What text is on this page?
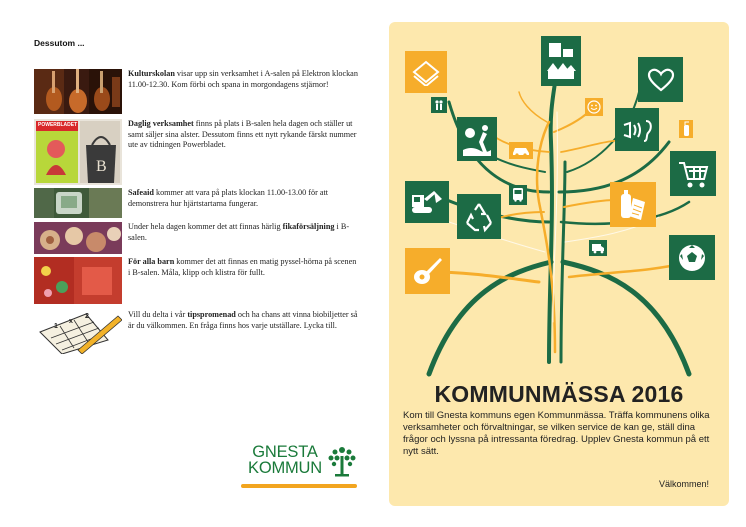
Dessutom ...
Kulturskolan visar upp sin verksamhet i A-salen på Elektron klockan 11.00-12.30. Kom förbi och spana in morgondagens stjärnor!
B
POWERBLADET	Daglig verksamhet finns på plats i B-salen hela dagen och ställer ut samt säljer sina alster. Dessutom finns ett nytt rykande färskt nummer ute av tidningen Powerbladet.
Safeaid kommer att vara på plats klockan 11.00-13.00 för att demonstrera hur hjärtstartarna fungerar.
Under hela dagen kommer det att finnas härlig fikaförsäljning i B-salen.
För alla barn kommer det att finnas en matig pyssel-hörna på scenen i B-salen. Måla, klipp och klistra för fullt.
1
x
2	Vill du delta i vår tipspromenad och ha chans att vinna biobiljetter så är du välkommen. En fråga finns hos varje utställare. Lycka till.
GNESTA
KOMMUN
KOMMUNMÄSSA 2016
Kom till Gnesta kommuns egen Kommunmässa. Träffa kommunens olika verksamheter och förvaltningar, se vilken service de kan ge, ställ dina frågor och lyssna på intressanta föredrag. Upplev Gnesta kommun på ett nytt sätt.
Välkommen!
